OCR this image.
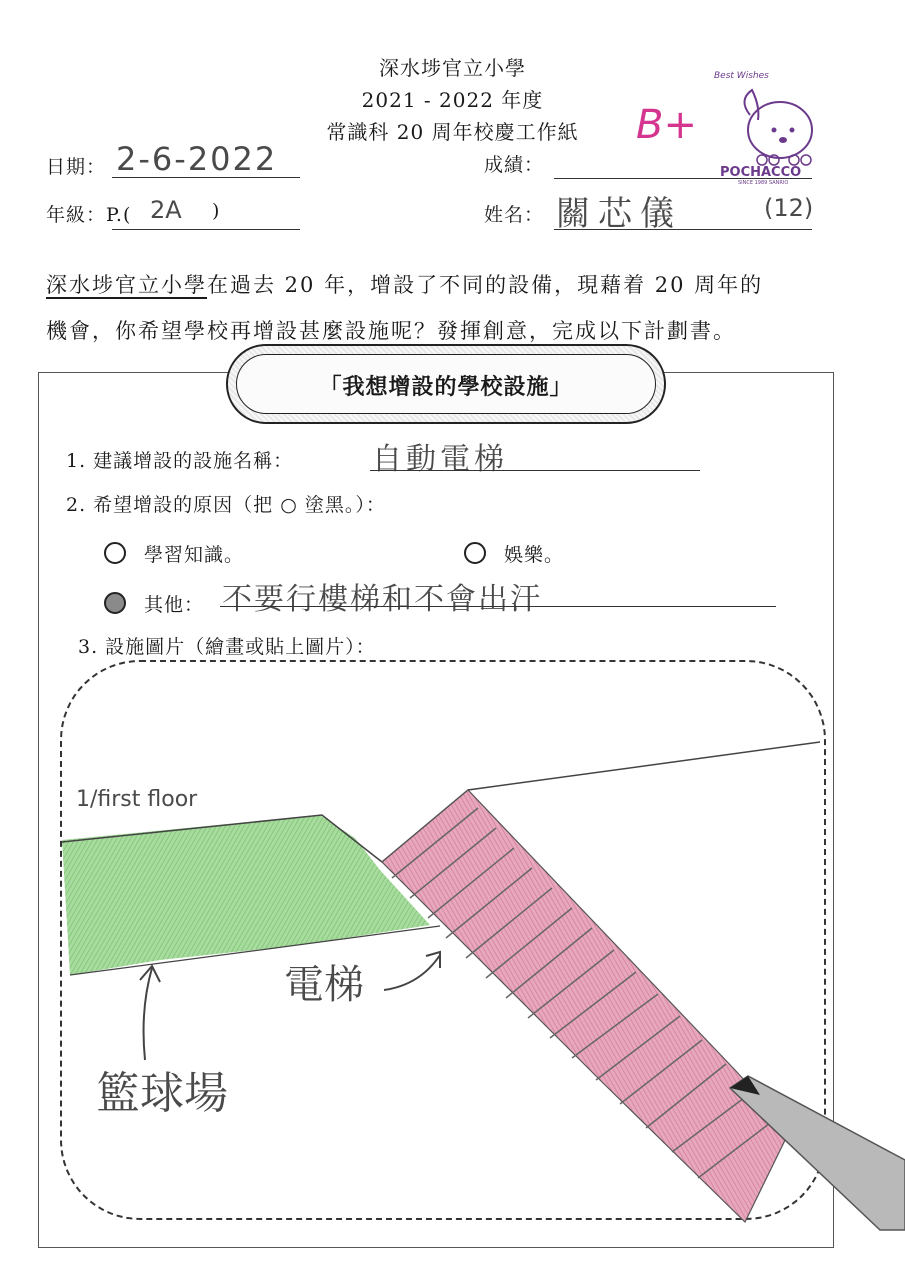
深水埗官立小學
2021 - 2022 年度
常識科 20 周年校慶工作紙
Best Wishes
POCHACCO
SINCE 1989 SANRIO
B+
日期： 2-6-2022	成績：
年級：P.( 2A )	姓名： 關芯儀	(12)
深水埗官立小學在過去 20 年，增設了不同的設備，現藉着 20 周年的
機會，你希望學校再增設甚麼設施呢？發揮創意，完成以下計劃書。
「我想增設的學校設施」
1. 建議增設的設施名稱：	自動電梯
2. 希望增設的原因（把 ○ 塗黑。）：
學習知識。	娛樂。
其他： 不要行樓梯和不會出汗
3. 設施圖片（繪畫或貼上圖片）：
1/first floor
電梯
籃球場
